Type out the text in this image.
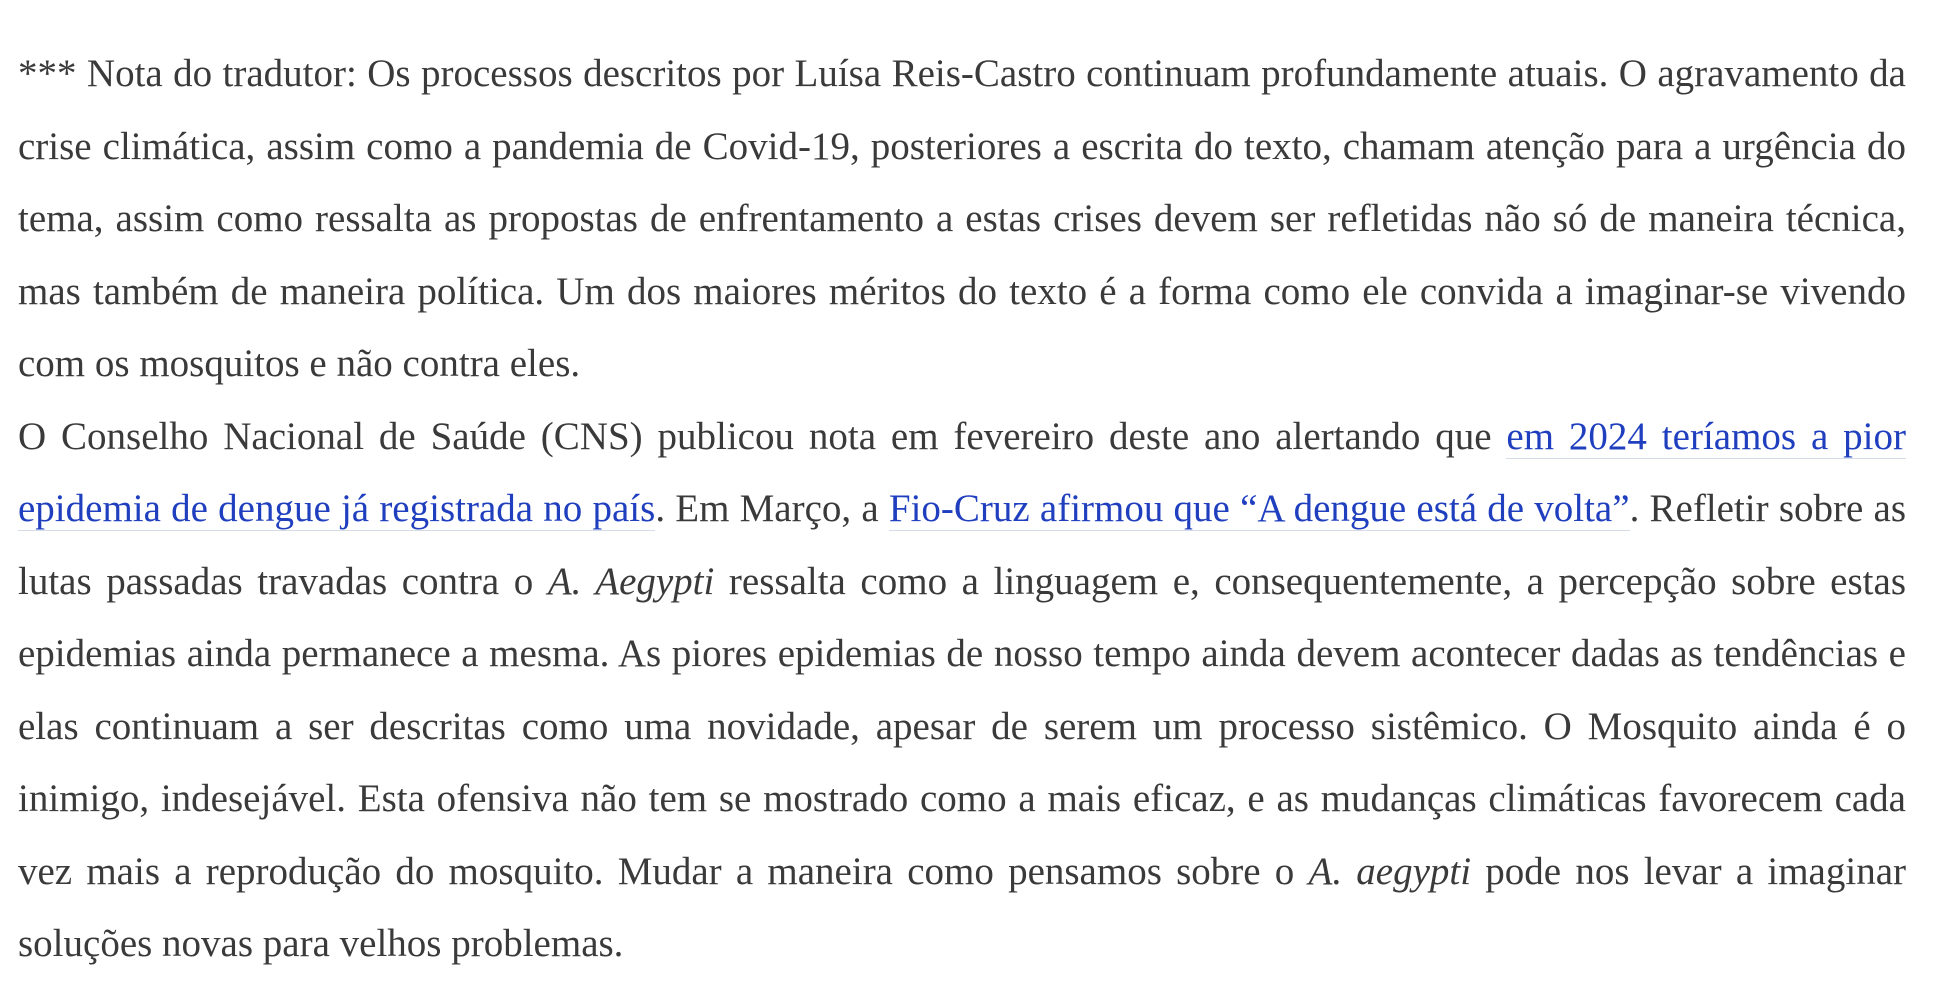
*** Nota do tradutor: Os processos descritos por Luísa Reis-Castro continuam profundamente atuais. O agravamento da crise climática, assim como a pandemia de Covid-19, posteriores a escrita do texto, chamam atenção para a urgência do tema, assim como ressalta as propostas de enfrentamento a estas crises devem ser refletidas não só de maneira técnica, mas também de maneira política. Um dos maiores méritos do texto é a forma como ele convida a imaginar-se vivendo com os mosquitos e não contra eles.

O Conselho Nacional de Saúde (CNS) publicou nota em fevereiro deste ano alertando que em 2024 teríamos a pior epidemia de dengue já registrada no país. Em Março, a Fio-Cruz afirmou que “A dengue está de volta”. Refletir sobre as lutas passadas travadas contra o A. Aegypti ressalta como a linguagem e, consequentemente, a percepção sobre estas epidemias ainda permanece a mesma. As piores epidemias de nosso tempo ainda devem acontecer dadas as tendências e elas continuam a ser descritas como uma novidade, apesar de serem um processo sistêmico. O Mosquito ainda é o inimigo, indesejável. Esta ofensiva não tem se mostrado como a mais eficaz, e as mudanças climáticas favorecem cada vez mais a reprodução do mosquito. Mudar a maneira como pensamos sobre o A. aegypti pode nos levar a imaginar soluções novas para velhos problemas.
